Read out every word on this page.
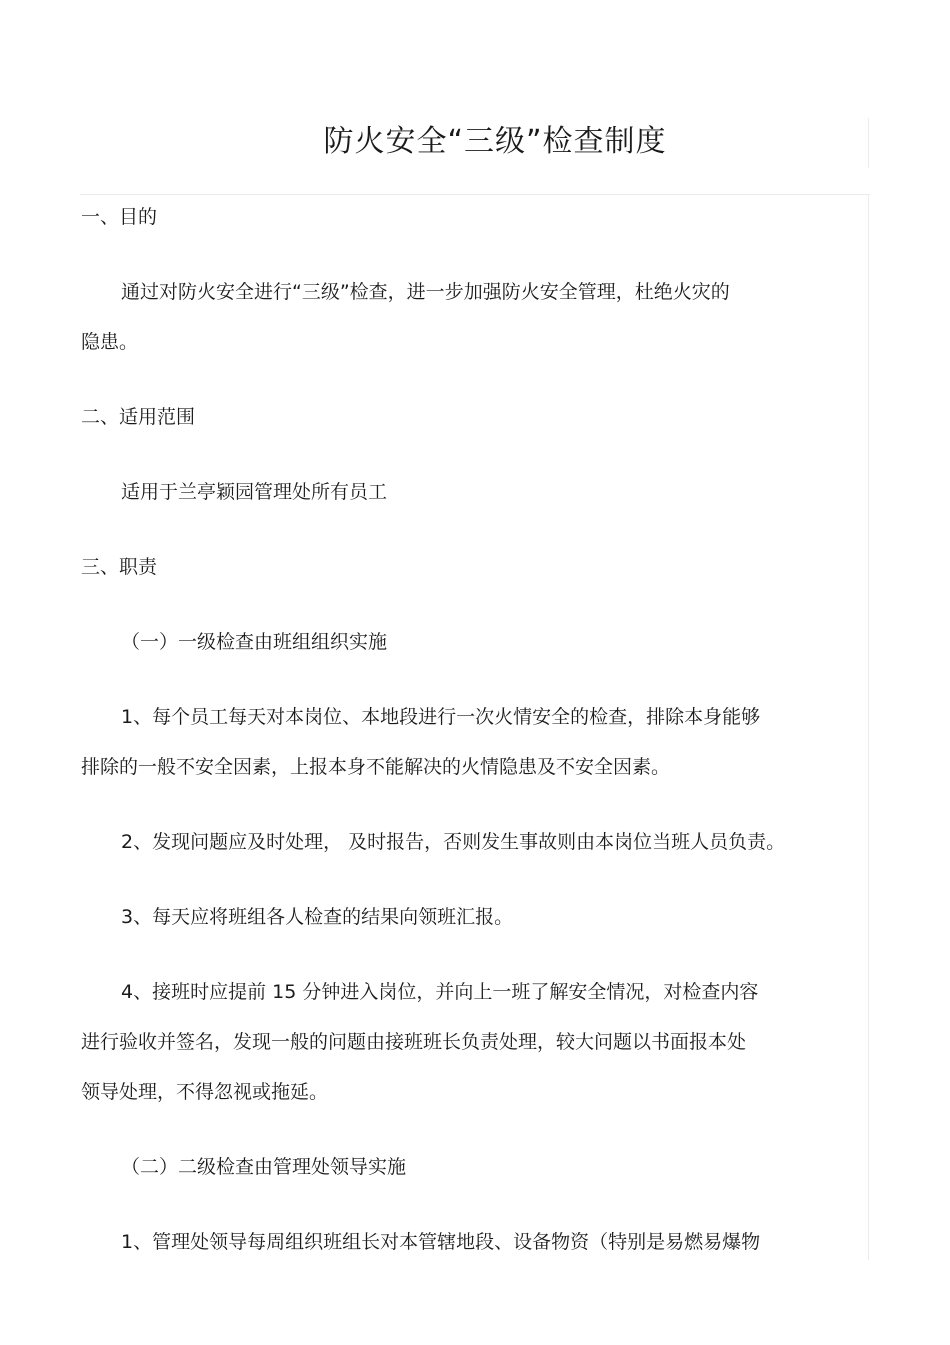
防火安全“三级”检查制度

一、目的

通过对防火安全进行“三级”检查，进一步加强防火安全管理，杜绝火灾的

隐患。

二、适用范围

适用于兰亭颖园管理处所有员工

三、职责

（一）一级检查由班组组织实施

1、每个员工每天对本岗位、本地段进行一次火情安全的检查，排除本身能够

排除的一般不安全因素，上报本身不能解决的火情隐患及不安全因素。

2、发现问题应及时处理， 及时报告，否则发生事故则由本岗位当班人员负责。

3、每天应将班组各人检查的结果向领班汇报。

4、接班时应提前 15 分钟进入岗位，并向上一班了解安全情况，对检查内容

进行验收并签名，发现一般的问题由接班班长负责处理，较大问题以书面报本处

领导处理，不得忽视或拖延。

（二）二级检查由管理处领导实施

1、管理处领导每周组织班组长对本管辖地段、设备物资（特别是易燃易爆物
